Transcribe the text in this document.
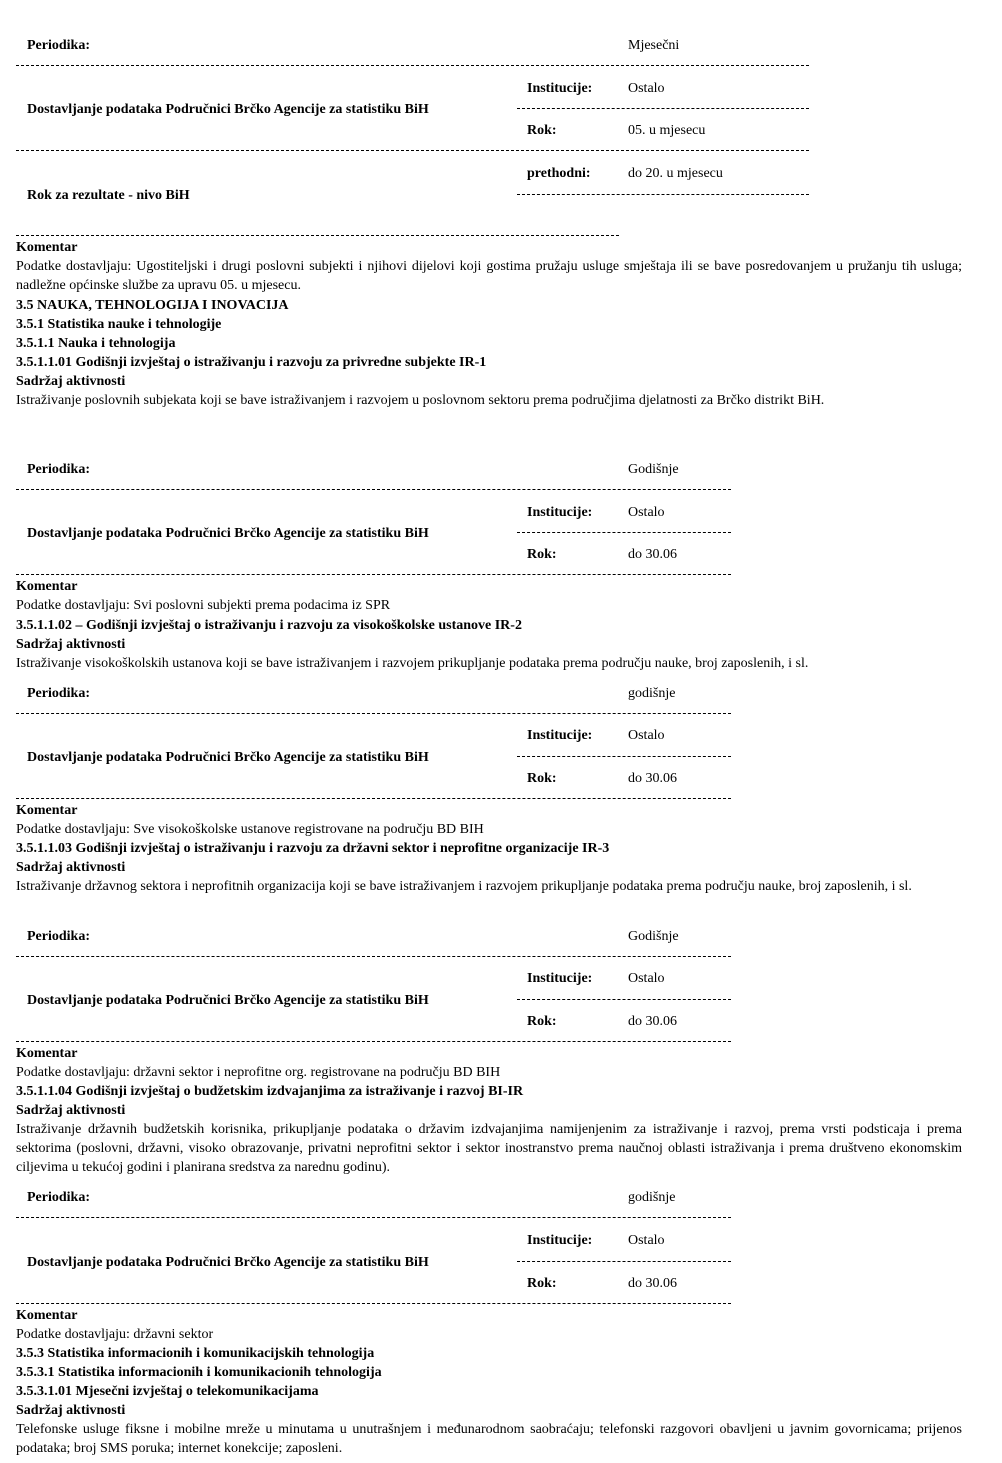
Periodika:	Mjesečni
Institucije:	Ostalo
Dostavljanje podataka Područnici Brčko Agencije za statistiku BiH
Rok:	05. u mjesecu
prethodni:	do 20. u mjesecu
Rok za rezultate - nivo BiH
Komentar
Podatke dostavljaju: Ugostiteljski i drugi poslovni subjekti i njihovi dijelovi koji gostima pružaju usluge smještaja ili se bave posredovanjem u pružanju tih usluga; nadležne općinske službe za upravu 05. u mjesecu.
3.5 NAUKA, TEHNOLOGIJA I INOVACIJA
3.5.1 Statistika nauke i tehnologije
3.5.1.1 Nauka i tehnologija
3.5.1.1.01 Godišnji izvještaj o istraživanju i razvoju za privredne subjekte IR-1
Sadržaj aktivnosti
Istraživanje poslovnih subjekata koji se bave istraživanjem i razvojem u poslovnom sektoru prema područjima djelatnosti za Brčko distrikt BiH.
Periodika:	Godišnje
Institucije:	Ostalo
Dostavljanje podataka Područnici Brčko Agencije za statistiku BiH
Rok:	do 30.06
Komentar
Podatke dostavljaju: Svi poslovni subjekti prema podacima iz SPR
3.5.1.1.02 – Godišnji izvještaj o istraživanju i razvoju za visokoškolske ustanove IR-2
Sadržaj aktivnosti
Istraživanje visokoškolskih ustanova koji se bave istraživanjem i razvojem prikupljanje podataka prema području nauke, broj zaposlenih, i sl.
Periodika:	godišnje
Institucije:	Ostalo
Dostavljanje podataka Područnici Brčko Agencije za statistiku BiH
Rok:	do 30.06
Komentar
Podatke dostavljaju: Sve visokoškolske ustanove registrovane na području BD BIH
3.5.1.1.03 Godišnji izvještaj o istraživanju i razvoju za državni sektor i neprofitne organizacije IR-3
Sadržaj aktivnosti
Istraživanje državnog sektora i neprofitnih organizacija koji se bave istraživanjem i razvojem prikupljanje podataka prema području nauke, broj zaposlenih, i sl.
Periodika:	Godišnje
Institucije:	Ostalo
Dostavljanje podataka Područnici Brčko Agencije za statistiku BiH
Rok:	do 30.06
Komentar
Podatke dostavljaju: državni sektor i neprofitne org. registrovane na području BD BIH
3.5.1.1.04 Godišnji izvještaj o budžetskim izdvajanjima za istraživanje i razvoj BI-IR
Sadržaj aktivnosti
Istraživanje državnih budžetskih korisnika, prikupljanje podataka o državim izdvajanjima namijenjenim za istraživanje i razvoj, prema vrsti podsticaja i prema sektorima (poslovni, državni, visoko obrazovanje, privatni neprofitni sektor i sektor inostranstvo prema naučnoj oblasti istraživanja i prema društveno ekonomskim ciljevima u tekućoj godini i planirana sredstva za narednu godinu).
Periodika:	godišnje
Institucije:	Ostalo
Dostavljanje podataka Područnici Brčko Agencije za statistiku BiH
Rok:	do 30.06
Komentar
Podatke dostavljaju: državni sektor
3.5.3 Statistika informacionih i komunikacijskih tehnologija
3.5.3.1 Statistika informacionih i komunikacionih tehnologija
3.5.3.1.01 Mjesečni izvještaj o telekomunikacijama
Sadržaj aktivnosti
Telefonske usluge fiksne i mobilne mreže u minutama u unutrašnjem i međunarodnom saobraćaju; telefonski razgovori obavljeni u javnim govornicama; prijenos podataka; broj SMS poruka; internet konekcije; zaposleni.
